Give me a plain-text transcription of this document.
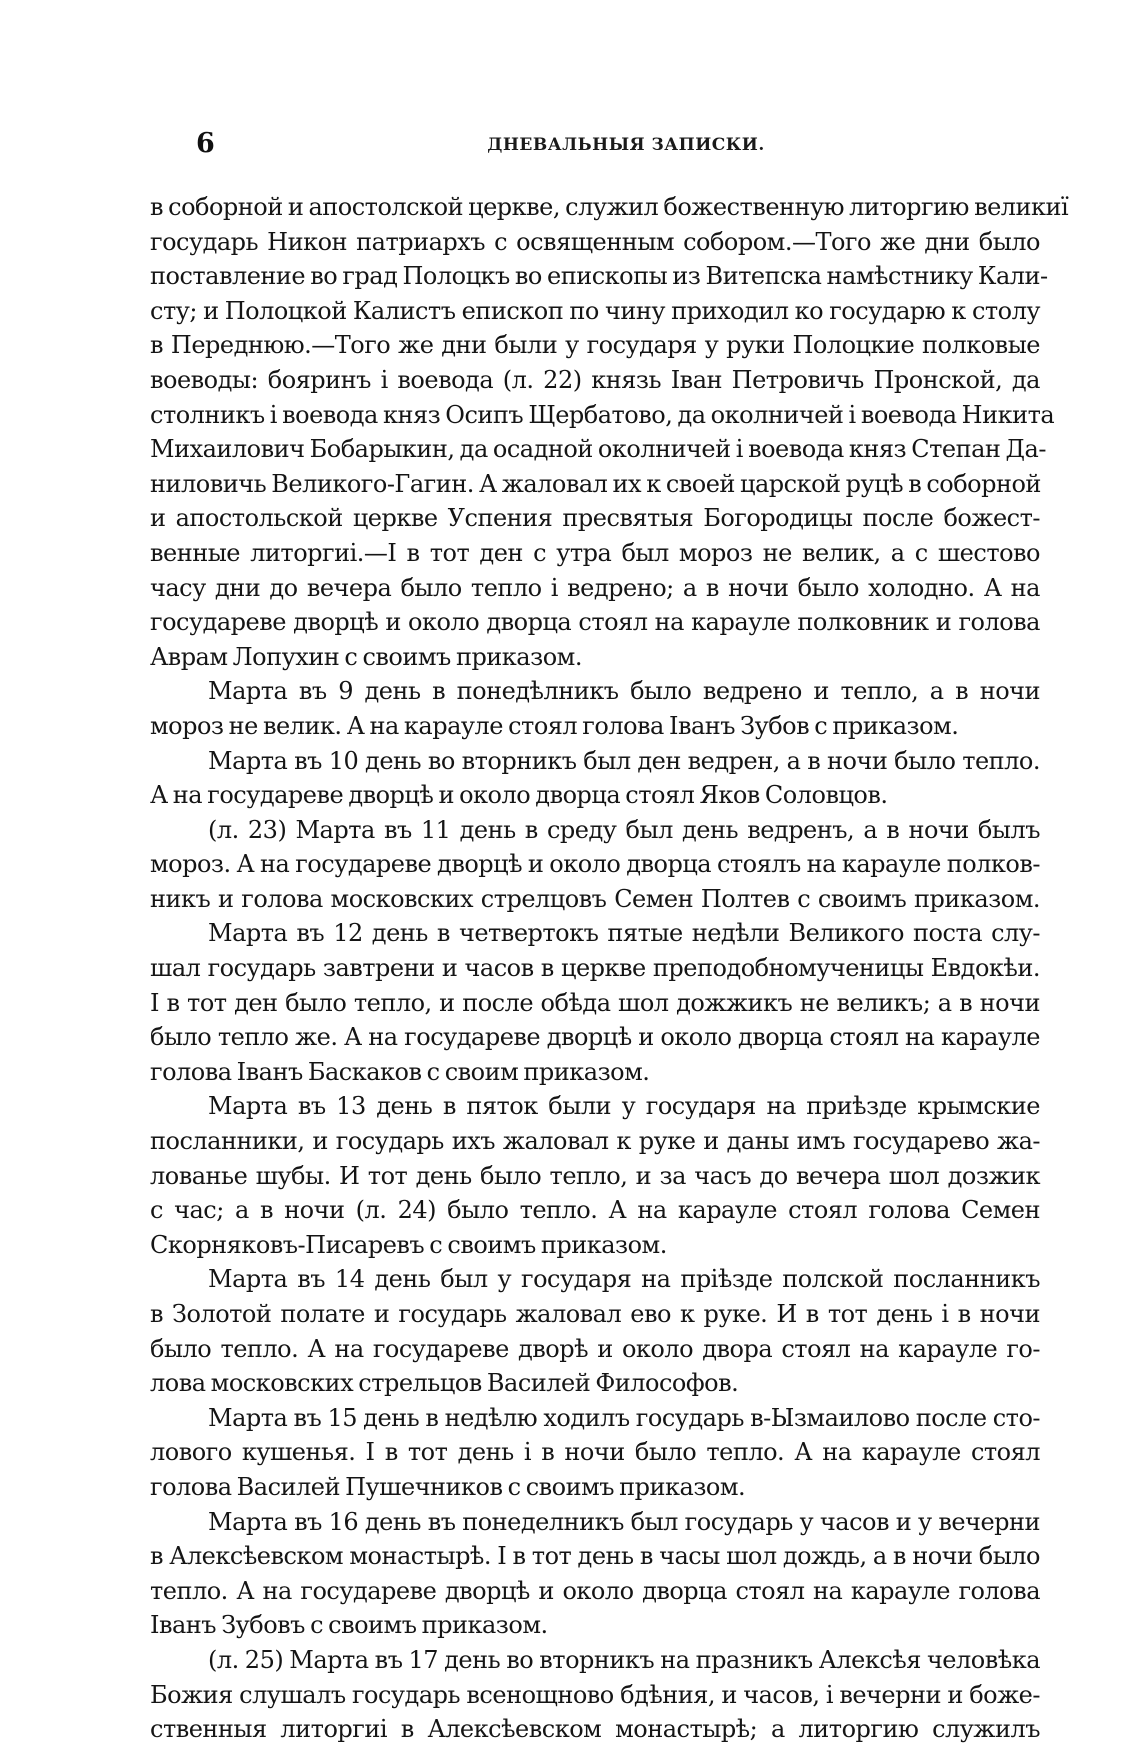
6	ДНЕВАЛЬНЫЯ ЗАПИСКИ.
в соборной и апостолской церкве, служил божественную литоргию великиї
государь Никон патриархъ с освященным собором.—Того же дни было
поставление во град Полоцкъ во епископы из Витепска намѣстнику Кали-
сту; и Полоцкой Калистъ епископ по чину приходил ко государю к столу
в Переднюю.—Того же дни были у государя у руки Полоцкие полковые
воеводы: бояринъ і воевода (л. 22) князь Іван Петровичь Пронской, да
столникъ і воевода княз Осипъ Щербатово, да околничей і воевода Никита
Михаилович Бобарыкин, да осадной околничей і воевода княз Степан Да-
ниловичь Великого-Гагин. А жаловал их к своей царской руцѣ в соборной
и апостольской церкве Успения пресвятыя Богородицы после божест-
венные литоргиі.—І в тот ден с утра был мороз не велик, а с шестово
часу дни до вечера было тепло і ведрено; а в ночи было холодно. А на
государеве дворцѣ и около дворца стоял на карауле полковник и голова
Аврам Лопухин с своимъ приказом.
Марта въ 9 день в понедѣлникъ было ведрено и тепло, а в ночи
мороз не велик. А на карауле стоял голова Іванъ Зубов с приказом.
Марта въ 10 день во вторникъ был ден ведрен, а в ночи было тепло.
А на государеве дворцѣ и около дворца стоял Яков Соловцов.
(л. 23) Марта въ 11 день в среду был день ведренъ, а в ночи былъ
мороз. А на государеве дворцѣ и около дворца стоялъ на карауле полков-
никъ и голова московских стрелцовъ Семен Полтев с своимъ приказом.
Марта въ 12 день в четвертокъ пятые недѣли Великого поста слу-
шал государь завтрени и часов в церкве преподобномученицы Евдокѣи.
І в тот ден было тепло, и после обѣда шол дожжикъ не великъ; а в ночи
было тепло же. А на государеве дворцѣ и около дворца стоял на карауле
голова Іванъ Баскаков с своим приказом.
Марта въ 13 день в пяток были у государя на приѣзде крымские
посланники, и государь ихъ жаловал к руке и даны имъ государево жа-
лованье шубы. И тот день было тепло, и за часъ до вечера шол дозжик
с час; а в ночи (л. 24) было тепло. А на карауле стоял голова Семен
Скорняковъ-Писаревъ с своимъ приказом.
Марта въ 14 день был у государя на пріѣзде полской посланникъ
в Золотой полате и государь жаловал ево к руке. И в тот день і в ночи
было тепло. А на государеве дворѣ и около двора стоял на карауле го-
лова московских стрельцов Василей Философов.
Марта въ 15 день в недѣлю ходилъ государь в-Ызмаилово после сто-
лового кушенья. І в тот день і в ночи было тепло. А на карауле стоял
голова Василей Пушечников с своимъ приказом.
Марта въ 16 день въ понеделникъ был государь у часов и у вечерни
в Алексѣевском монастырѣ. І в тот день в часы шол дождь, а в ночи было
тепло. А на государеве дворцѣ и около дворца стоял на карауле голова
Іванъ Зубовъ с своимъ приказом.
(л. 25) Марта въ 17 день во вторникъ на празникъ Алексѣя человѣка
Божия слушалъ государь всенощново бдѣния, и часов, і вечерни и боже-
ственныя литоргиі в Алексѣевском монастырѣ; а литоргию служилъ
